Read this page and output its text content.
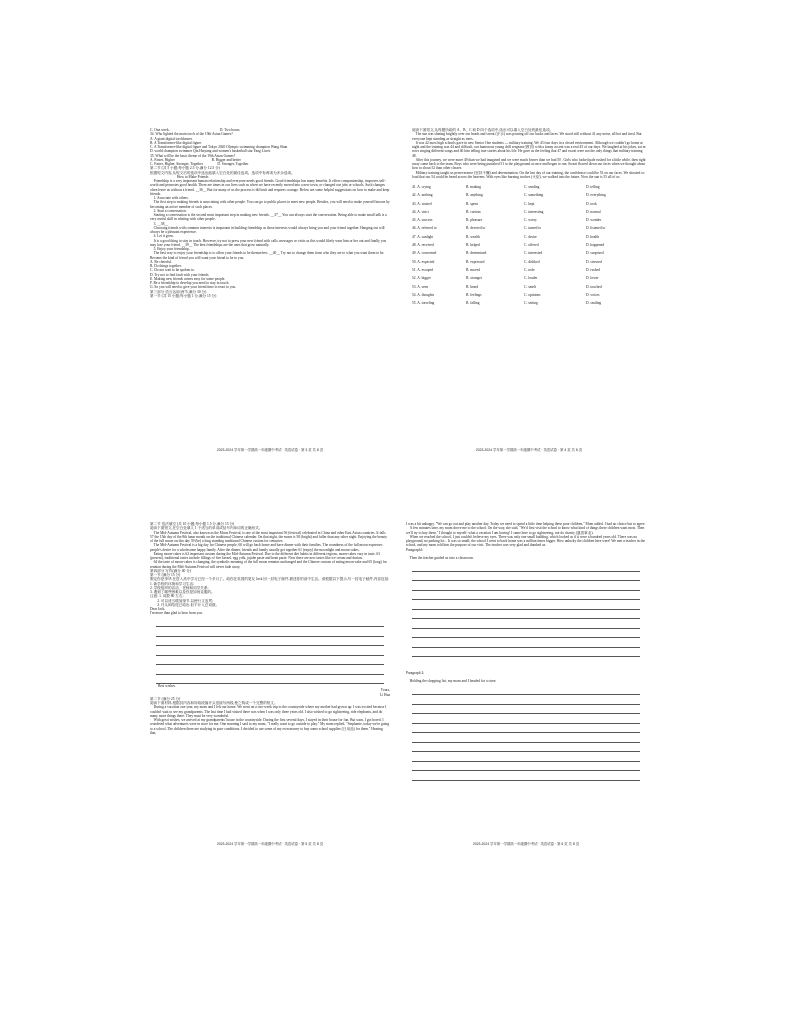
C. One week.                                                        D. Two hours.
34. Who lighted the main torch of the 19th Asian Games?
A. A giant digital torchbearer.
B. A Transformer-like digital figure.
C. A Transformer-like digital figure and Tokyo 2020 Olympic swimming champion Wang Shun
D. world champion swimmer Qin Haiyang and women's basketball star Yang Liwei.
35. What will be the basic theme of the 19th Asian Games?
A. Faster, Higher                                         B. Bigger and better
C. Faster, Higher, Stronger, Together                D. Stronger, Together
第二节 (共 5 小题;每小题 2.5 分,满分 12.5 分)
根据短文内容,从短文后的选项中选出能填入空白处的最佳选项。选项中有两项为多余选项。
How to Make Friends
Friendship is a very important human relationship and everyone needs good friends. Good friendships has many benefits. It offers companionship, improves self-worth and promotes good health. There are times in our lives such as when we have recently moved into a new town, or changed our jobs or schools. Such changes often leave us without a friend. __36__ But for many of us the process is difficult and requires courage. Below are some helpful suggestions on how to make and keep friends.
1. Associate with others.
The first step to making friends is associating with other people. You can go to public places to meet new people. Besides, you will need to make yourself known by becoming an active member of such places.
2. Start a conversation.
Starting a conversation is the second most important step in making new friends. __37__ You can always start the conversation. Being able to make small talk is a very useful skill in relating with other people.
3. __38__
Choosing friends with common interests is important in building friendship as those interests would always bring you and your friend together. Hanging out will always be a pleasant experience.
4. Let it grow.
It is a good thing to stay in touch. However, try not to press your new friend with calls, messages or visits as this would likely wear him or her out and finally you may lose your friend. __39__ The best friendships are the ones that grow naturally.
5. Enjoy your friendship.
The best way to enjoy your friendship is to allow your friends to be themselves. __40__ Try not to change them from who they are to what you want them to be. Become the kind of friend you will want your friend to be to you.
A. Be cheerful.
B. Do things together.
C. Do not wait to be spoken to.
D. Try not to find fault with your friends.
E. Making new friends comes easy for some people.
F. Be a friendship to develop you need to stay in touch.
G. So you will need to give your friend time to react to you.
第三部分 语言运用(两节,满分 30 分)
第一节 (共 15 小题;每小题 1 分,满分 15 分)
2023-2024 学年第一学期高一年级期中考试 · 英语试卷 · 第 3 页 共 8 页
阅读下面短文,从每题所给的 A、B、C 和 D 四个选项中,选出可以填入空白处的最佳选项。
The sun was shining brightly over our heads and sweat (汗水) was pouring off our backs and faces. We stood still without 41 any noise, all hot and tired. But everyone kept standing as straight as trees.
It was 42 most high schools gave in new Senior One students — military training. We 43 four days in a closed environment. Although we couldn't go home at night and the training was 44 and difficult, our humorous young drill sergeant (教官) with a funny accent was a real 45 of our days. We laughed at his jokes, sat in rows singing different songs and 46 him telling true stories about his life. He gave us the feeling that 47 and sweat were not the only things that military training 48 .
After this journey, we were more 49 than we had imagined and we were much braver than we had 50 . Girls who looked pale rushed for a little while, then right away came back to the team. Boys who were being punished 51 to the playground at once and began to run. Sweat flowed down our faces when we thought about how to shout 52 than other classes.
Military training taught us perseverance (坚持不懈) and determination. On the last day of our training, the confidence could be 53 on our faces. We shouted so loud that our 54 could be heard across the heavens. With eyes like burning torches (火炬), we walked into the future. Now the sun is 55 all of us.
41. A. crying	B. making	C. sending	D. telling
42. A. nothing	B. anything	C. something	D. everything
43. A. wasted	B. spent	C. kept	D. took
44. A. strict	B. curious	C. interesting	D. normal
45. A. success	B. pleasure	C. worry	D. wonder
46. A. referred to	B. devoted to	C. turned to	D. listened to
47. A. sunlight	B. wealth	C. desire	D. health
48. A. received	B. helped	C. offered	D. happened
49. A. concerned	B. determined	C. interested	D. surprised
50. A. expected	B. expressed	C. disliked	D. stressed
51. A. escaped	B. moved	C. rode	D. rushed
52. A. bigger	B. stronger	C. louder	D. lower
53. A. seen	B. heard	C. smelt	D. touched
54. A. thoughts	B. feelings	C. opinions	D. voices
55. A. traveling	B. falling	C. setting	D. smiling
2023-2024 学年第一学期高一年级期中考试 · 英语试卷 · 第 4 页 共 8 页
第二节 语法填空 (共 10 小题;每小题 1.5 分,满分 15 分)
阅读下面短文,在空白处填入 1 个适当的单词或括号内单词的正确形式。
The Mid-Autumn Festival, also known as the Moon Festival, is one of the most important 56 (festival) celebrated in China and other East Asian countries. It falls 57 the 15th day of the 8th lunar month on the traditional Chinese calendar. On that night, the moon is 58 (bright) and fuller than any other night. Enjoying the beauty of the full moon on this day 59 (be) a long standing traditional Chinese custom for centuries.
The Mid-Autumn Festival is a big day for Chinese people, 60 will go back home and have dinner with their families. The roundness of the full moon expresses people's desire for a wholesome happy family. After the dinner, friends and family usually get together 61 (enjoy) the moonlight and moon-cakes.
Eating moon-cakes is 62 important custom during the Mid-Autumn Festival. Due to the different diet habits in different regions, moon-cakes vary in taste. 63 (present), traditional tastes include fillings of five kernel, egg yolk, jujube paste and bean paste. Now there are new tastes like ice cream and durian.
64 the taste of moon-cakes is changing, the symbolic meaning of the full moon remains unchanged and the Chinese custom of eating moon-cake and 65 (long) for reunion during the Mid-Autumn Festival will never fade away.
第四部分 写作(满分 40 分)
第一节 (满分 15 分)
假定你是李华,在进入高中学习已经一个多月了。给你在英国的笔友 Jack 回一封电子邮件,描述你的高中生活。请根据以下提示,写一封电子邮件,内容包括:
1. 新学校的环境和学习生活;
2. 学校组织的活动、老师和同学关系;
3. 遇到了哪些困难以及你是如何克服的。
注意: 1. 词数 80 左右;
2. 可以适当增加细节,以使行文连贯;
3. 开头和结尾已给出,但不计入总词数。
Dear Jack,
I'm more than glad to hear from you.
Best wishes.
Yours,
Li Hua
第二节 (满分 25 分)
阅读下面材料,根据其内容和所给段落开头语续写两段,使之构成一个完整的短文。
During a vacation one year, my mom and I left our home. We went on a two-week trip to the countryside where my mother had grown up. I was excited because I couldn't wait to see my grandparents. The last time I had visited there was when I was only three years old. I also wished to go sightseeing, ride elephants, and do many more things there. They must be very wonderful.
With great wishes, we arrived at my grandparents' house in the countryside. During the first several days, I stayed in their house for fun. But soon, I got bored. I wondered what adventures were in store for me. One morning I said to my mom, "I really want to go outside to play." My mom replied, "Stephanie, today we're going to a school. The children there are studying in poor conditions. I decided to use some of my own money to buy some school supplies (日用品) for them." Hearing that,
2023-2024 学年第一学期高一年级期中考试 · 英语试卷 · 第 5 页 共 8 页
I was a bit unhappy. "We can go out and play another day. Today we need to spend a little time helping these poor children," Mom added. I had no choice but to agree.
A few minutes later, my mom drove me to the school. On the way, she said, "We'd first visit the school to know what kind of things these children want most. Then we'll try to buy them." I thought to myself: what a vacation I am having! I came here to go sightseeing, not do charity (慈善事业).
When we reached the school, I just couldn't believe my eyes. There was only one small building, which looked as if it were a hundred years old. There was no playground, no parking lot... It was so small; the school I went to back home was a million times bigger. How unlucky the children here were! We met a teacher in the school, and my mom told him the purpose of our visit. The teacher was very glad and thanked us.
Paragraph1:
Then the teacher guided us into a classroom.
Paragraph 2:
Holding the shopping list, my mom and I headed for a store.
2023-2024 学年第一学期高一年级期中考试 · 英语试卷 · 第 6 页 共 8 页
